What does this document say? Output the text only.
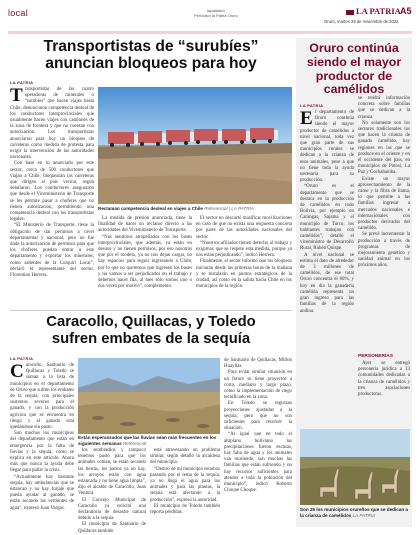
local	lapatriabo
Periódico la Patria Oruro	LA PATRIA A5
Oruro, martes 29 de noviembre de 2022
Transportistas de “surubíes”
anuncian bloqueos para hoy
LA PATRIA
T ransportistas de las cuatro operadoras de minerales o “surubíes” que hacen viajes hasta Chile, denunciaron competencia desleal de los conductores interprovinciales que usualmente hacen viajes con camiones de la zona de frontera y que no cuentan con autorización. Los transportistas anunciaron para hoy un bloqueo de carreteras como medida de protesta para exigir la intervención de las autoridades nacionales.

Con base en lo anunciado por este sector, cerca de 500 conductores que viajan a Chile, bloquearán las carreteras que dirigen al país vecino, según detallaron. Los conductores aseguraron que desde el Viceministerio de Transporte se les permite pasar a choferes que no tienen autorización, permitiendo una competencia desleal con los transportistas legales.

“El Ministerio de Transporte, tiene la obligación de dar permisos a nivel departamental y nacional, pero no fue dado la autorización de permisos para que los choferes puedan entrar a este departamento y exportar los minerales, como salientes de la Colquiri Local”, declaró el representante del sector, Florentino Herrera.

Reclaman competencia desleal en viajes a Chile Referencial | LA PATRIA

La medida de presión anunciada, tiene la finalidad de hacer un reclamo directo a las autoridades del Viceministerio de Transporte.

“Nos sentimos atropellados con los buses interprovinciales, que además, ya están en desuso y no tienen permisos, por eso nosotros que por el modelo, ya no nos dejan cargar, no hay espacios para seguir ingresando a Chile, por lo que no queremos que ingresen los buses y no vamos a ser perjudicados en el trabajo y debemos hacer fila, al mes sólo somos uno o dos veces por motivo”, complementó.

El sector no descartó masificar movilizaciones en caso de que no exista una respuesta concreta por parte de las autoridades nacionales del sector.

“Nuestros afiliados tienen derecho al trabajo y exigimos que se respete esta medida, porque ya nos están perjudicando”, indicó Herrera.

Finalmente, el sector informó que los bloqueos iniciarán desde las primeras horas de la mañana y se instalarán en puntos estratégicos de la ciudad, así como en la salida hacia Chile en los municipios de la región.

Caracollo, Quillacas, y Toledo
sufren embates de la sequía
LA PATRIA
C aracollo, Santuario de Quillacas y Toledo se suman a la lista de municipios en el departamento de Oruro que sufren los embates de la sequía, con principales sustentos severos para el ganado, y con la producción agrícola que se encuentra en riesgo y el ganado está quedándose sin pasto.

Son muchos los municipios del departamento que están en emergencia por la falta de lluvias y la sequía, como se explica en este artículo. Ahora más que nunca la ayuda debe llegar para paliar la crisis.

“Actualmente hay bastante sequía, hay ambulancias que se estancan y no hay forjaje que pueda ayudar al ganado, se están secando las vertientes de agua”, expresó Juan Vargas.

Están esperanzados que las lluvias sean más frecuentes en los siguientes semanas Referencial

los sembradíos y tampoco tenemos pasto para que los animales coman, se están secando las tierras, los pastos ya no hay, los arroyos están con agua estancada y no tiene agua limpia”, dijo el alcalde de Caracollo, Juan Ventura.

El Concejo Municipal de Caracollo ya solicitó una declaratoria de desastre natural debido a la sequía.

El municipio de Santuario de Quillacas también

está atravesando un problema similar, según detalló la alcaldesa del municipio.

“Dentro de mi municipio estamos pasando por el tema de la sequía, ya no llega el agua para los animales y para las plantas, la sequía está afectando a la producción”, expresó la autoridad.

El municipio de Toledo también reporta pérdidas.

de Santuario de Quillacas, Milton Huayllas.

Para evitar similar situación en un futuro se tiene proyectos a corto, mediano y largo plazo, como la implementación de riego tecnificado en la zona.

En Toledo se registran proyecciones ajustadas a la sequía, pero que no son suficientes para resolver la situación.

“Al igual que en todo el altiplano boliviano las precipitaciones fueron escasas, hay falta de agua y los animales van muriendo, son muchas las familias que están sufriendo y no hay recursos suficientes para atender a toda la población del municipio”, indicó Roberto Choque Choque.

Oruro continúa
siendo el mayor
productor de
camélidos
LA PATRIA
E l departamento de Oruro continúa siendo el mayor productor de camélidos a nivel nacional, toda vez que gran parte de sus municipios rurales se dedican a la crianza de esos animales, pese a que no tiene toda la ayuda necesaria para su producción.

“Oruro es el departamento que se destaca en la producción de camélidos en todo Bolivia, por ejemplo en Carangas, Sajama y el municipio de Turco, los habitantes trabajan con camélidos”, detalló el viceministro de Desarrollo Rural, Rubén Quispe.

A nivel nacional se estima el dato de alrededor de 3 millones de camélidos, de ese total Oruro concentra el 60%, y hoy en día la ganadería camélida representa un gran ingreso para las familias de la región andina.

se tendrá información concreta sobre familias que se dedican a la crianza.

No solamente son los sectores tradicionales los que hacen la crianza de ganado camélido, hay regiones en las que se produce en el oriente y en el occidente del país, en municipios de Potosí, La Paz y Cochabamba.

Existe un mayor aprovechamiento de la carne y la fibra de llama, lo que permite a las familias ingresar a mercados nacionales e internacionales con productos derivados del camélido.

Se prevé incrementar la producción a través de programas de mejoramiento genético y sanidad animal en los próximos años.

PERSONERÍAS

Ayer se entregó personería jurídica a 13 comunidades dedicadas a la crianza de camélidos y tres asociaciones productoras.

Son 25 los municipios orureños que se dedican a la crianza de camélidos LA PATRIA
